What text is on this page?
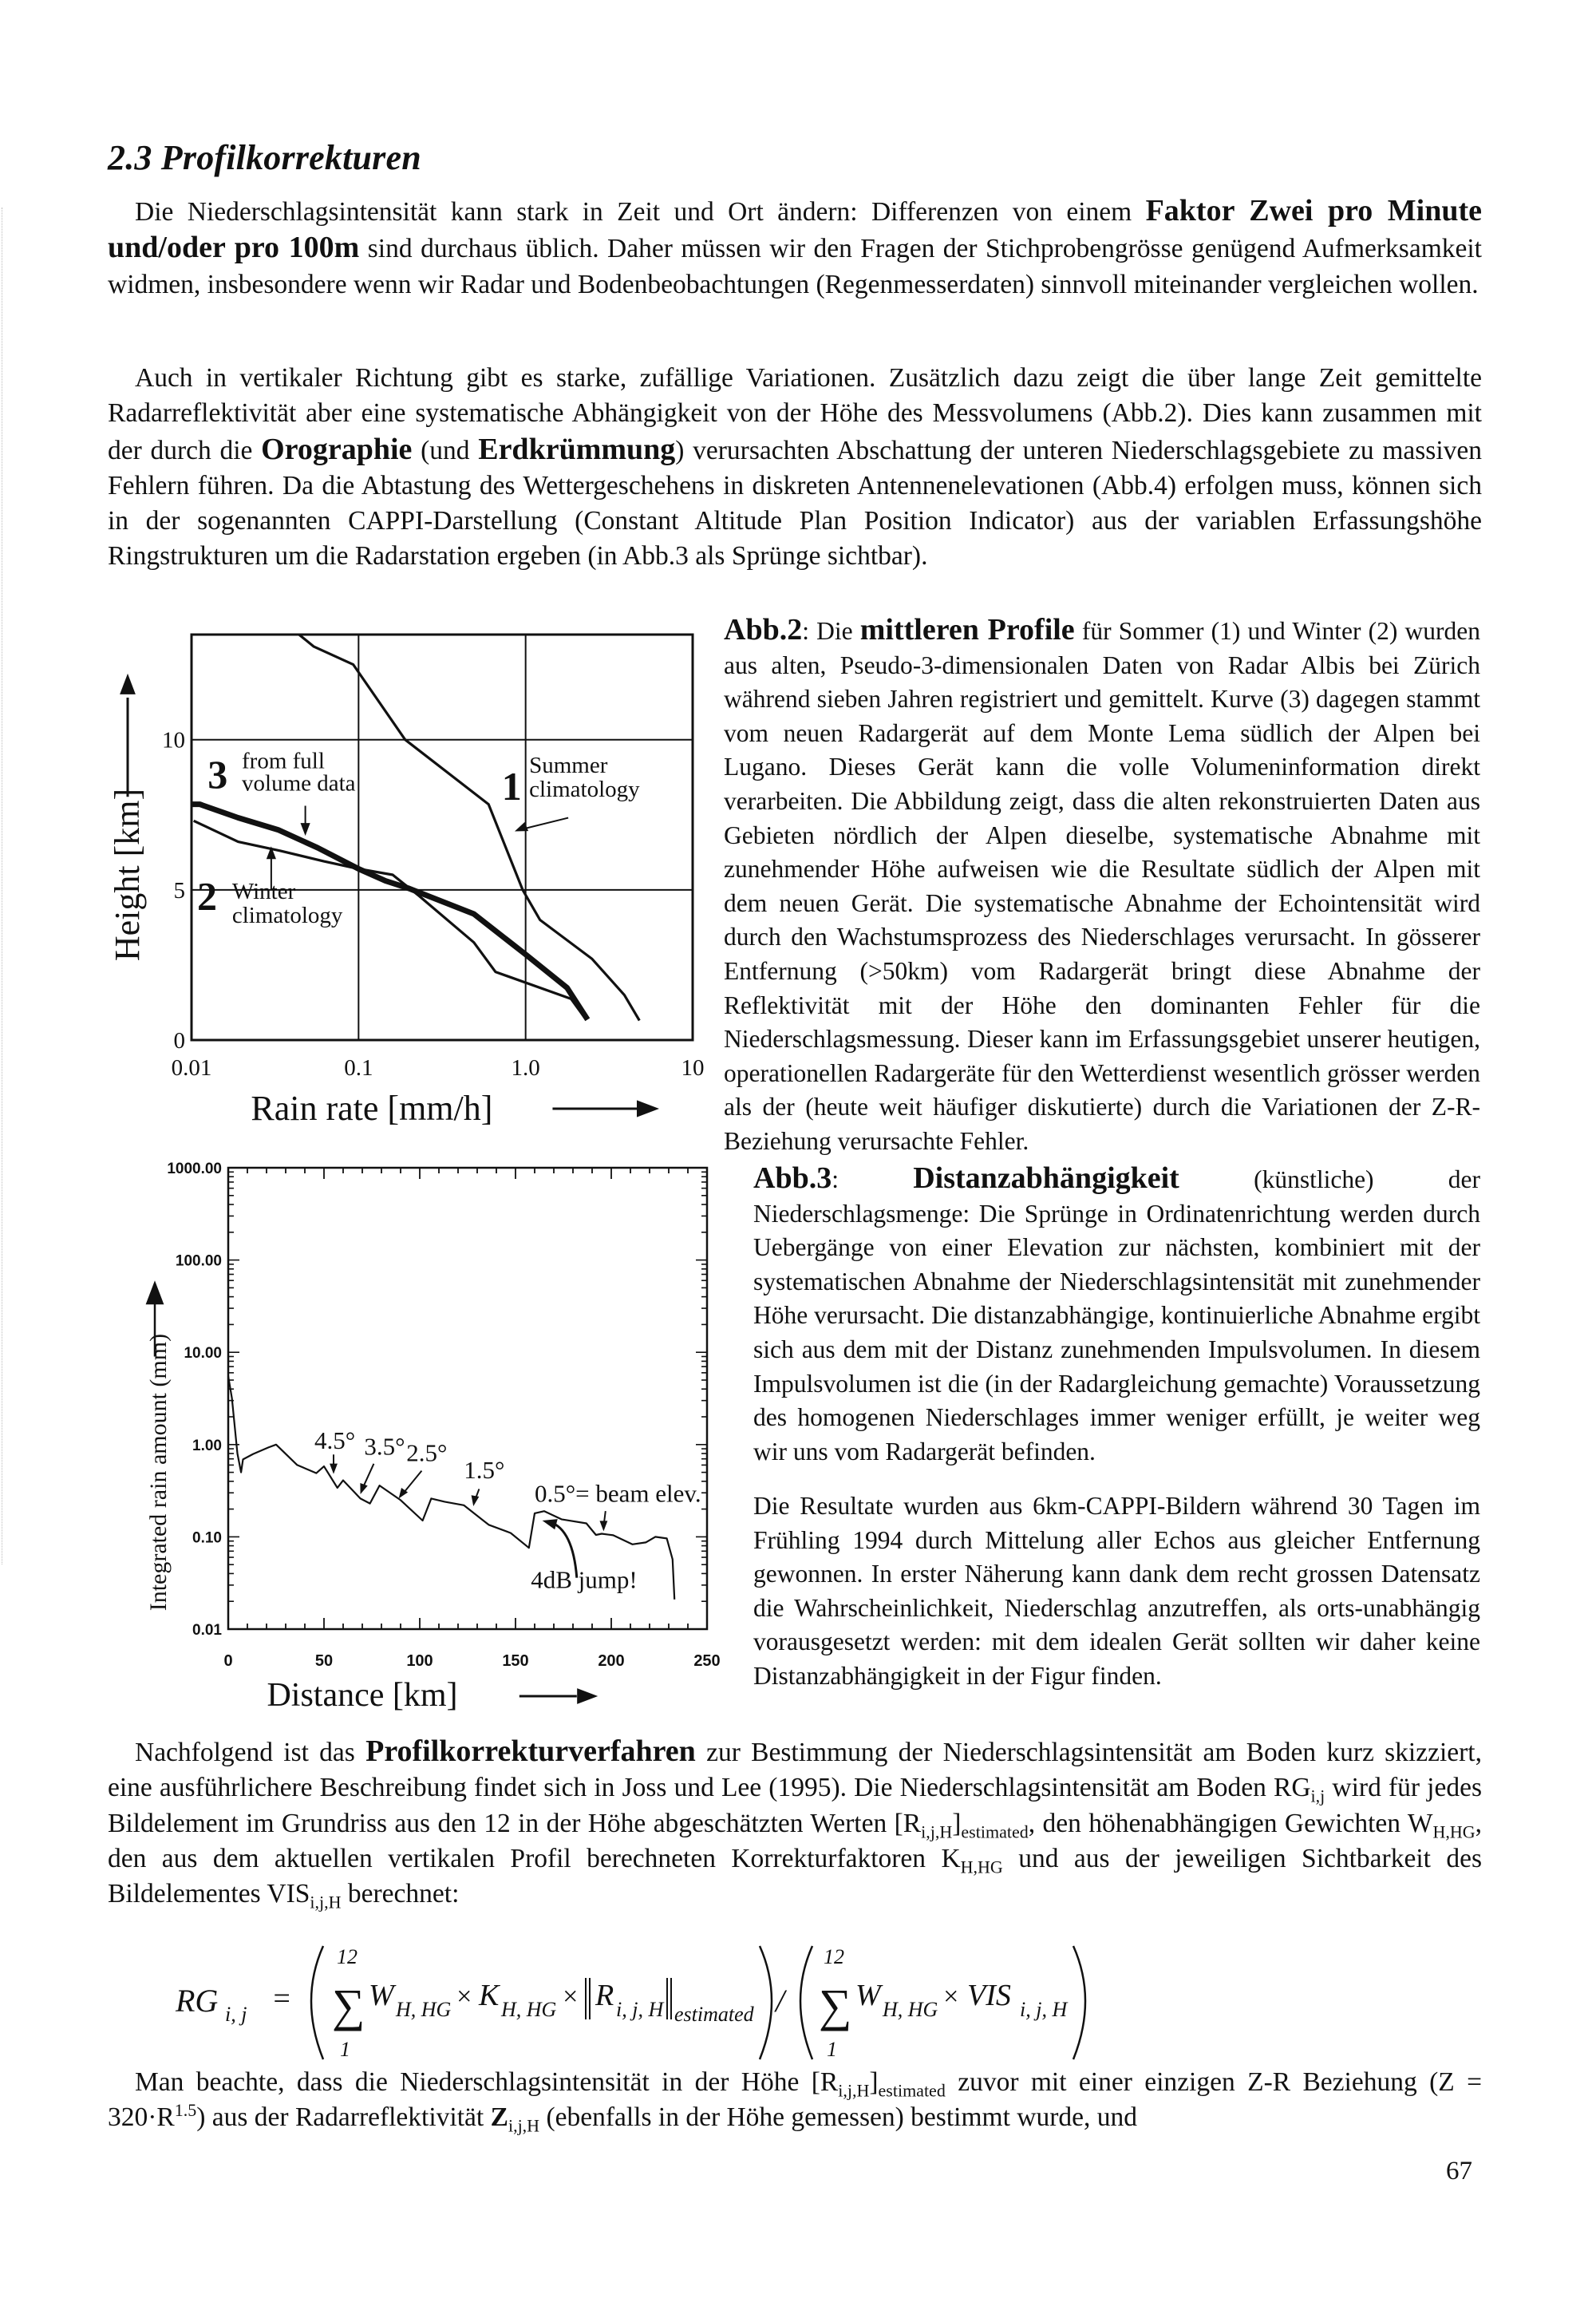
2.3 Profilkorrekturen
Die Niederschlagsintensität kann stark in Zeit und Ort ändern: Differenzen von einem Faktor Zwei pro Minute und/oder pro 100m sind durchaus üblich. Daher müssen wir den Fragen der Stichprobengrösse genügend Aufmerksamkeit widmen, insbesondere wenn wir Radar und Bodenbeobachtungen (Regenmesserdaten) sinnvoll miteinander vergleichen wollen.
Auch in vertikaler Richtung gibt es starke, zufällige Variationen. Zusätzlich dazu zeigt die über lange Zeit gemittelte Radarreflektivität aber eine systematische Abhängigkeit von der Höhe des Messvolumens (Abb.2). Dies kann zusammen mit der durch die Orographie (und Erdkrümmung) verursachten Abschattung der unteren Niederschlagsgebiete zu massiven Fehlern führen. Da die Abtastung des Wettergeschehens in diskreten Antennenelevationen (Abb.4) erfolgen muss, können sich in der sogenannten CAPPI-Darstellung (Constant Altitude Plan Position Indicator) aus der variablen Erfassungshöhe Ringstrukturen um die Radarstation ergeben (in Abb.3 als Sprünge sichtbar).
0.01	0.1	1.0	10
0
5
10
1 Summer
climatology
2 Winter
climatology
3 from full
volume data
Height [km]
Rain rate [mm/h]
0	50	100	150	200	250
0.01
0.10
1.00
10.00
100.00
1000.00
4.5° 3.5° 2.5°
1.5°
0.5°= beam elev.
4dB jump!
Integrated rain amount (mm)
Distance [km]
Abb.2: Die mittleren Profile für Sommer (1) und Winter (2) wurden aus alten, Pseudo-3-dimensionalen Daten von Radar Albis bei Zürich während sieben Jahren registriert und gemittelt. Kurve (3) dagegen stammt vom neuen Radargerät auf dem Monte Lema südlich der Alpen bei Lugano. Dieses Gerät kann die volle Volumeninformation direkt verarbeiten. Die Abbildung zeigt, dass die alten rekonstruierten Daten aus Gebieten nördlich der Alpen dieselbe, systematische Abnahme mit zunehmender Höhe aufweisen wie die Resultate südlich der Alpen mit dem neuen Gerät. Die systematische Abnahme der Echointensität wird durch den Wachstumsprozess des Niederschlages verursacht. In gösserer Entfernung (>50km) vom Radargerät bringt diese Abnahme der Reflektivität mit der Höhe den dominanten Fehler für die Niederschlagsmessung. Dieser kann im Erfassungsgebiet unserer heutigen, operationellen Radargeräte für den Wetterdienst wesentlich grösser werden als der (heute weit häufiger diskutierte) durch die Variationen der Z-R-Beziehung verursachte Fehler.
Abb.3: Distanzabhängigkeit (künstliche) der Niederschlagsmenge: Die Sprünge in Ordinatenrichtung werden durch Uebergänge von einer Elevation zur nächsten, kombiniert mit der systematischen Abnahme der Niederschlagsintensität mit zunehmender Höhe verursacht. Die distanzabhängige, kontinuierliche Abnahme ergibt sich aus dem mit der Distanz zunehmenden Impulsvolumen. In diesem Impulsvolumen ist die (in der Radargleichung gemachte) Voraussetzung des homogenen Niederschlages immer weniger erfüllt, je weiter weg wir uns vom Radargerät befinden.
Die Resultate wurden aus 6km-CAPPI-Bildern während 30 Tagen im Frühling 1994 durch Mittelung aller Echos aus gleicher Entfernung gewonnen. In erster Näherung kann dank dem recht grossen Datensatz die Wahrscheinlichkeit, Niederschlag anzutreffen, als orts-unabhängig vorausgesetzt werden: mit dem idealen Gerät sollten wir daher keine Distanzabhängigkeit in der Figur finden.
Nachfolgend ist das Profilkorrekturverfahren zur Bestimmung der Niederschlagsintensität am Boden kurz skizziert, eine ausführlichere Beschreibung findet sich in Joss und Lee (1995). Die Niederschlagsintensität am Boden $RG_{i,j}$ wird für jedes Bildelement im Grundriss aus den 12 in der Höhe abgeschätzten Werten $[R_{i,j,H}]_{estimated}$, den höhenabhängigen Gewichten $W_{H,HG}$, den aus dem aktuellen vertikalen Profil berechneten Korrekturfaktoren $K_{H,HG}$ und aus der jeweiligen Sichtbarkeit des Bildelementes $VIS_{i,j,H}$ berechnet:
RG i, j =
12
∑
1
W H, HG × K H, HG × R i, j, H estimated /
12
∑
1
W H, HG × VIS i, j, H
Man beachte, dass die Niederschlagsintensität in der Höhe $[R_{i,j,H}]_{estimated}$ zuvor mit einer einzigen Z-R Beziehung $(Z = 320\cdot R^{1.5})$ aus der Radarreflektivität $Z_{i,j,H}$ (ebenfalls in der Höhe gemessen) bestimmt wurde, und
67
